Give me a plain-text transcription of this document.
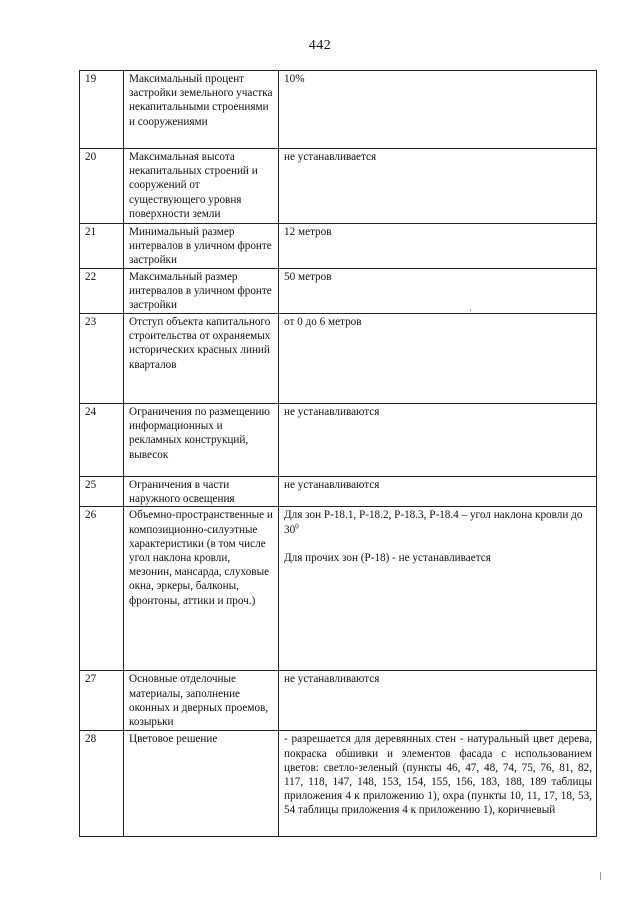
442
19	Максимальный процент застройки земельного участка некапитальными строениями и сооружениями	10%

20	Максимальная высота некапитальных строений и сооружений от существующего уровня поверхности земли	не устанавливается

21	Минимальный размер интервалов в уличном фронте застройки	12 метров

22	Максимальный размер интервалов в уличном фронте застройки	50 метров

23	Отступ объекта капитального строительства от охраняемых исторических красных линий кварталов	от 0 до 6 метров

24	Ограничения по размещению информационных и рекламных конструкций, вывесок	не устанавливаются

25	Ограничения в части наружного освещения	не устанавливаются

26	Объемно-пространственные и композиционно-силуэтные характеристики (в том числе угол наклона кровли, мезонин, мансарда, слуховые окна, эркеры, балконы, фронтоны, аттики и проч.)	Для зон Р-18.1, Р-18.2, Р-18.3, Р-18.4 – угол наклона кровли до $30^0$

Для прочих зон (Р-18) - не устанавливается

27	Основные отделочные материалы, заполнение оконных и дверных проемов, козырьки	не устанавливаются

28	Цветовое решение	- разрешается для деревянных стен - натуральный цвет дерева, покраска обшивки и элементов фасада с использованием цветов: светло-зеленый (пункты 46, 47, 48, 74, 75, 76, 81, 82, 117, 118, 147, 148, 153, 154, 155, 156, 183, 188, 189 таблицы приложения 4 к приложению 1), охра (пункты 10, 11, 17, 18, 53, 54 таблицы приложения 4 к приложению 1), коричневый
